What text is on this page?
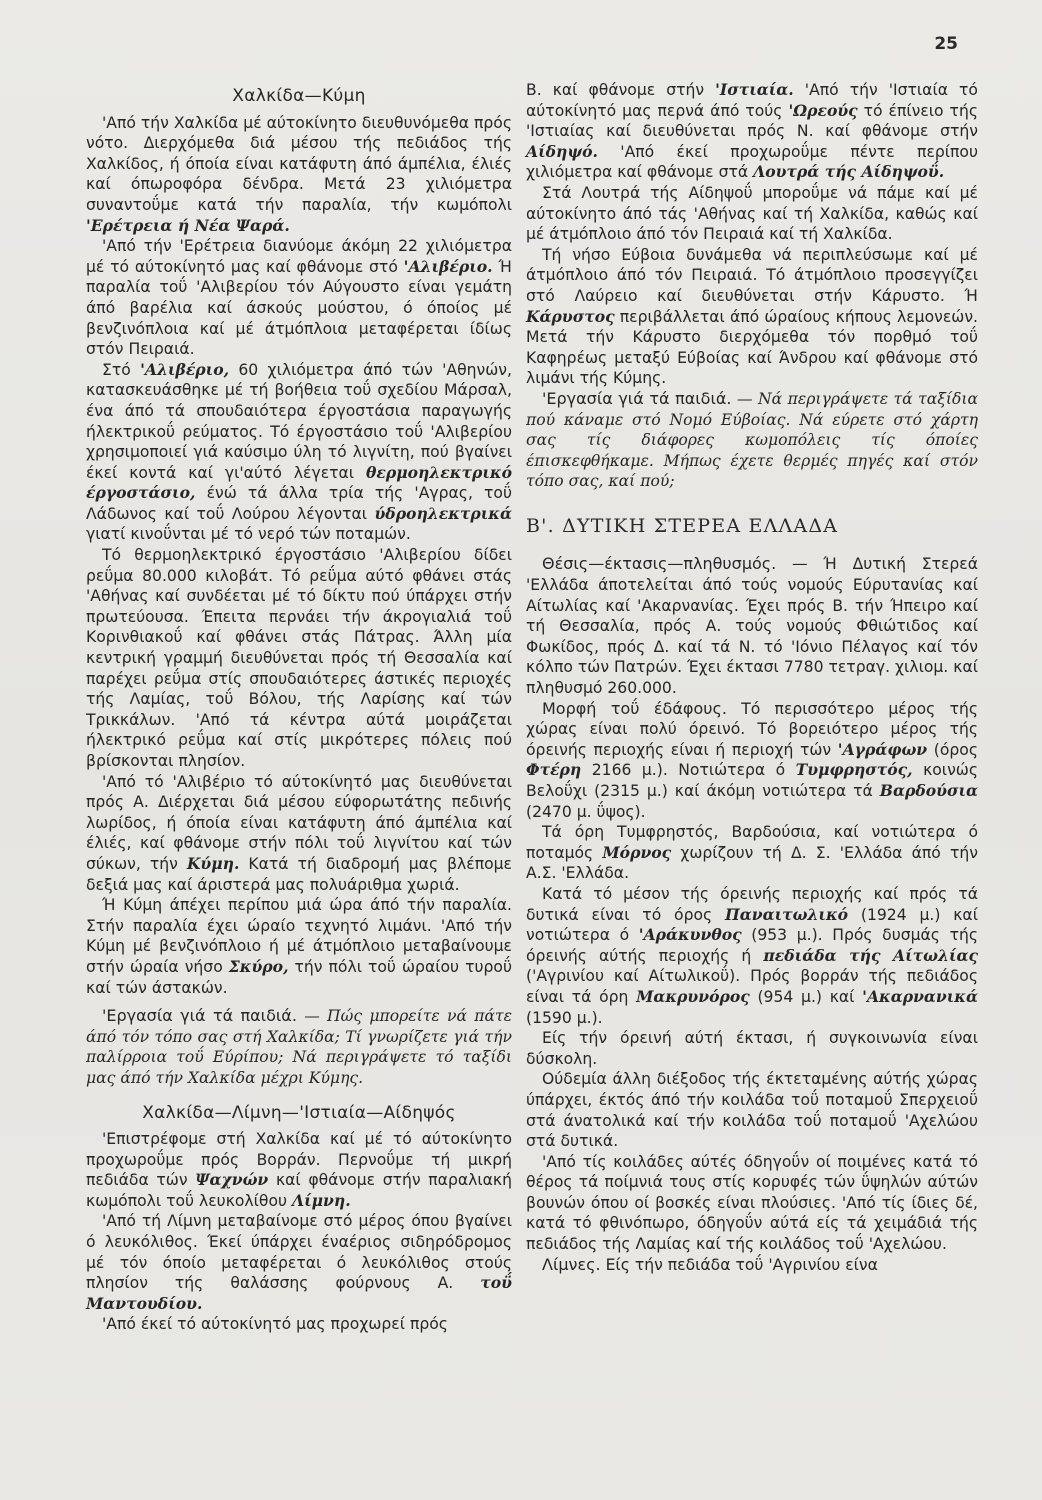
25
Χαλκίδα—Κύμη

'Από τήν Χαλκίδα μέ αύτοκίνητο διευθυνόμεθα πρός νότο. Διερχόμεθα διά μέσου τής πεδιάδος τής Χαλκίδος, ή όποία είναι κατάφυτη άπό άμπέλια, έλιές καί όπωροφόρα δένδρα. Μετά 23 χιλιόμετρα συναντοΰμε κατά τήν παραλία, τήν κωμόπολι 'Ερέτρεια ή Νέα Ψαρά.

'Από τήν 'Ερέτρεια διανύομε άκόμη 22 χιλιόμετρα μέ τό αύτοκίνητό μας καί φθάνομε στό 'Αλιβέριο. Ή παραλία τοΰ 'Αλιβερίου τόν Αύγουστο είναι γεμάτη άπό βαρέλια καί άσκούς μούστου, ό όποίος μέ βενζινόπλοια καί μέ άτμόπλοια μεταφέρεται ίδίως στόν Πειραιά.

Στό 'Αλιβέριο, 60 χιλιόμετρα άπό τών 'Αθηνών, κατασκευάσθηκε μέ τή βοήθεια τοΰ σχεδίου Μάρσαλ, ένα άπό τά σπουδαιότερα έργοστάσια παραγωγής ήλεκτρικοΰ ρεύματος. Τό έργοστάσιο τοΰ 'Αλιβερίου χρησιμοποιεί γιά καύσιμο ύλη τό λιγνίτη, πού βγαίνει έκεί κοντά καί γι'αύτό λέγεται θερμοηλεκτρικό έργοστάσιο, ένώ τά άλλα τρία τής 'Αγρας, τοΰ Λάδωνος καί τοΰ Λούρου λέγονται ύδροηλεκτρικά γιατί κινοΰνται μέ τό νερό τών ποταμών.

Τό θερμοηλεκτρικό έργοστάσιο 'Αλιβερίου δίδει ρεΰμα 80.000 κιλοβάτ. Τό ρεΰμα αύτό φθάνει στάς 'Αθήνας καί συνδέεται μέ τό δίκτυ πού ύπάρχει στήν πρωτεύουσα. Έπειτα περνάει τήν άκρογιαλιά τοΰ Κορινθιακοΰ καί φθάνει στάς Πάτρας. Άλλη μία κεντρική γραμμή διευθύνεται πρός τή Θεσσαλία καί παρέχει ρεΰμα στίς σπουδαιότερες άστικές περιοχές τής Λαμίας, τοΰ Βόλου, τής Λαρίσης καί τών Τρικκάλων. 'Από τά κέντρα αύτά μοιράζεται ήλεκτρικό ρεΰμα καί στίς μικρότερες πόλεις πού βρίσκονται πλησίον.

'Από τό 'Αλιβέριο τό αύτοκίνητό μας διευθύνεται πρός Α. Διέρχεται διά μέσου εύφορωτάτης πεδινής λωρίδος, ή όποία είναι κατάφυτη άπό άμπέλια καί έλιές, καί φθάνομε στήν πόλι τοΰ λιγνίτου καί τών σύκων, τήν Κύμη. Κατά τή διαδρομή μας βλέπομε δεξιά μας καί άριστερά μας πολυάριθμα χωριά.

Ή Κύμη άπέχει περίπου μιά ώρα άπό τήν παραλία. Στήν παραλία έχει ώραίο τεχνητό λιμάνι. 'Από τήν Κύμη μέ βενζινόπλοιο ή μέ άτμόπλοιο μεταβαίνουμε στήν ώραία νήσο Σκύρο, τήν πόλι τοΰ ώραίου τυροΰ καί τών άστακών.

'Εργασία γιά τά παιδιά. — Πώς μπορείτε νά πάτε άπό τόν τόπο σας στή Χαλκίδα; Τί γνωρίζετε γιά τήν παλίρροια τοΰ Εύρίπου; Νά περιγράψετε τό ταξίδι μας άπό τήν Χαλκίδα μέχρι Κύμης.

Χαλκίδα—Λίμνη—'Ιστιαία—Αίδηψός

'Επιστρέφομε στή Χαλκίδα καί μέ τό αύτοκίνητο προχωροΰμε πρός Βορράν. Περνοΰμε τή μικρή πεδιάδα τών Ψαχνών καί φθάνομε στήν παραλιακή κωμόπολι τοΰ λευκολίθου Λίμνη.

'Από τή Λίμνη μεταβαίνομε στό μέρος όπου βγαίνει ό λευκόλιθος. Έκεί ύπάρχει έναέριος σιδηρόδρομος μέ τόν όποίο μεταφέρεται ό λευκόλιθος στούς πλησίον τής θαλάσσης φούρνους Α. τοΰ Μαντουδίου.

'Από έκεί τό αύτοκίνητό μας προχωρεί πρός

Β. καί φθάνομε στήν 'Ιστιαία. 'Από τήν 'Ιστιαία τό αύτοκίνητό μας περνά άπό τούς 'Ωρεούς τό έπίνειο τής 'Ιστιαίας καί διευθύνεται πρός Ν. καί φθάνομε στήν Αίδηψό. 'Από έκεί προχωροΰμε πέντε περίπου χιλιόμετρα καί φθάνομε στά Λουτρά τής Αίδηψοΰ.

Στά Λουτρά τής Αίδηψοΰ μποροΰμε νά πάμε καί μέ αύτοκίνητο άπό τάς 'Αθήνας καί τή Χαλκίδα, καθώς καί μέ άτμόπλοιο άπό τόν Πειραιά καί τή Χαλκίδα.

Τή νήσο Εύβοια δυνάμεθα νά περιπλεύσωμε καί μέ άτμόπλοιο άπό τόν Πειραιά. Τό άτμόπλοιο προσεγγίζει στό Λαύρειο καί διευθύνεται στήν Κάρυστο. Ή Κάρυστος περιβάλλεται άπό ώραίους κήπους λεμονεών. Μετά τήν Κάρυστο διερχόμεθα τόν πορθμό τοΰ Καφηρέως μεταξύ Εύβοίας καί Άνδρου καί φθάνομε στό λιμάνι τής Κύμης.

'Εργασία γιά τά παιδιά. — Νά περιγράψετε τά ταξίδια πού κάναμε στό Νομό Εύβοίας. Νά εύρετε στό χάρτη σας τίς διάφορες κωμοπόλεις τίς όποίες έπισκεφθήκαμε. Μήπως έχετε θερμές πηγές καί στόν τόπο σας, καί πού;

Β'. ΔΥΤΙΚΗ ΣΤΕΡΕΑ ΕΛΛΑΔΑ

Θέσις—έκτασις—πληθυσμός. — Ή Δυτική Στερεά 'Ελλάδα άποτελείται άπό τούς νομούς Εύρυτανίας καί Αίτωλίας καί 'Ακαρνανίας. Έχει πρός Β. τήν Ήπειρο καί τή Θεσσαλία, πρός Α. τούς νομούς Φθιώτιδος καί Φωκίδος, πρός Δ. καί τά Ν. τό 'Ιόνιο Πέλαγος καί τόν κόλπο τών Πατρών. Έχει έκτασι 7780 τετραγ. χιλιομ. καί πληθυσμό 260.000.

Μορφή τοΰ έδάφους. Τό περισσότερο μέρος τής χώρας είναι πολύ όρεινό. Τό βορειότερο μέρος τής όρεινής περιοχής είναι ή περιοχή τών 'Αγράφων (όρος Φτέρη 2166 μ.). Νοτιώτερα ό Τυμφρηστός, κοινώς Βελοΰχι (2315 μ.) καί άκόμη νοτιώτερα τά Βαρδούσια (2470 μ. ΰψος).

Τά όρη Τυμφρηστός, Βαρδούσια, καί νοτιώτερα ό ποταμός Μόρνος χωρίζουν τή Δ. Σ. 'Ελλάδα άπό τήν Α.Σ. 'Ελλάδα.

Κατά τό μέσον τής όρεινής περιοχής καί πρός τά δυτικά είναι τό όρος Παναιτωλικό (1924 μ.) καί νοτιώτερα ό 'Αράκυνθος (953 μ.). Πρός δυσμάς τής όρεινής αύτής περιοχής ή πεδιάδα τής Αίτωλίας ('Αγρινίου καί Αίτωλικοΰ). Πρός βορράν τής πεδιάδος είναι τά όρη Μακρυνόρος (954 μ.) καί 'Ακαρνανικά (1590 μ.).

Είς τήν όρεινή αύτή έκτασι, ή συγκοινωνία είναι δύσκολη.

Ούδεμία άλλη διέξοδος τής έκτεταμένης αύτής χώρας ύπάρχει, έκτός άπό τήν κοιλάδα τοΰ ποταμοΰ Σπερχειοΰ στά άνατολικά καί τήν κοιλάδα τοΰ ποταμοΰ 'Αχελώου στά δυτικά.

'Από τίς κοιλάδες αύτές όδηγοΰν οί ποιμένες κατά τό θέρος τά ποίμνιά τους στίς κορυφές τών ΰψηλών αύτών βουνών όπου οί βοσκές είναι πλούσιες. 'Από τίς ίδιες δέ, κατά τό φθινόπωρο, όδηγοΰν αύτά είς τά χειμάδιά τής πεδιάδος τής Λαμίας καί τής κοιλάδος τοΰ 'Αχελώου.

Λίμνες. Είς τήν πεδιάδα τοΰ 'Αγρινίου είνα
